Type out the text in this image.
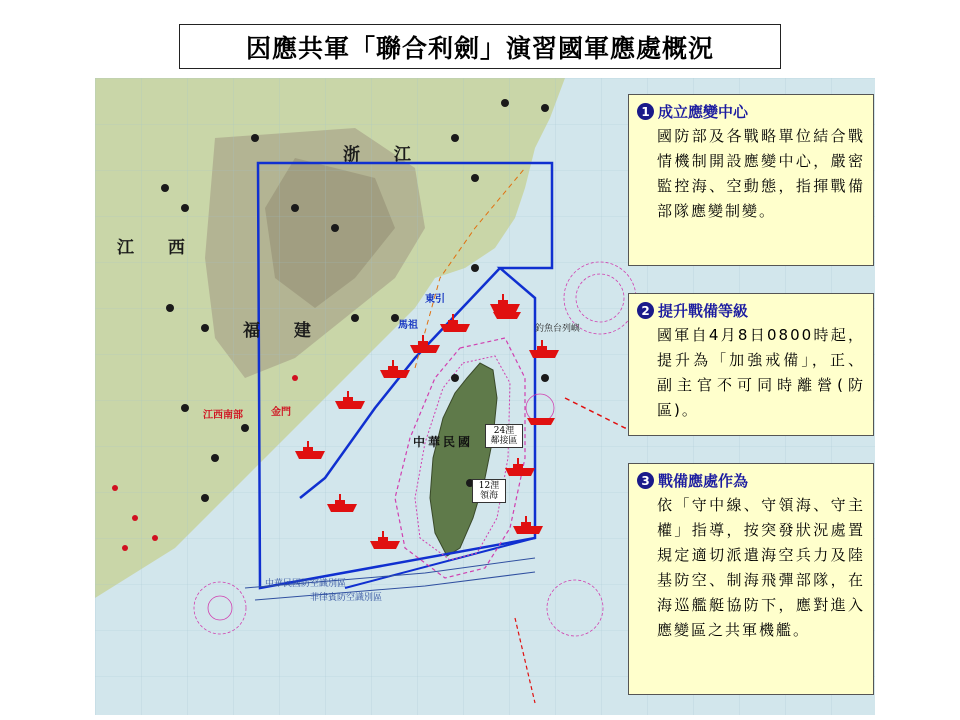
因應共軍「聯合利劍」演習國軍應處概況
浙 江
江 西
福 建
中華民國
金門
馬祖
東引
江西南部
釣魚台列嶼
中華民國防空識別區
菲律賓防空識別區
24浬
鄰接區
12浬
領海
1 成立應變中心
國防部及各戰略單位結合戰情機制開設應變中心，嚴密監控海、空動態，指揮戰備部隊應變制變。
2 提升戰備等級
國軍自4月8日0800時起，提升為「加強戒備」，正、副主官不可同時離營(防區)。
3 戰備應處作為
依「守中線、守領海、守主權」指導，按突發狀況處置規定適切派遣海空兵力及陸基防空、制海飛彈部隊，在海巡艦艇協防下，應對進入應變區之共軍機艦。
